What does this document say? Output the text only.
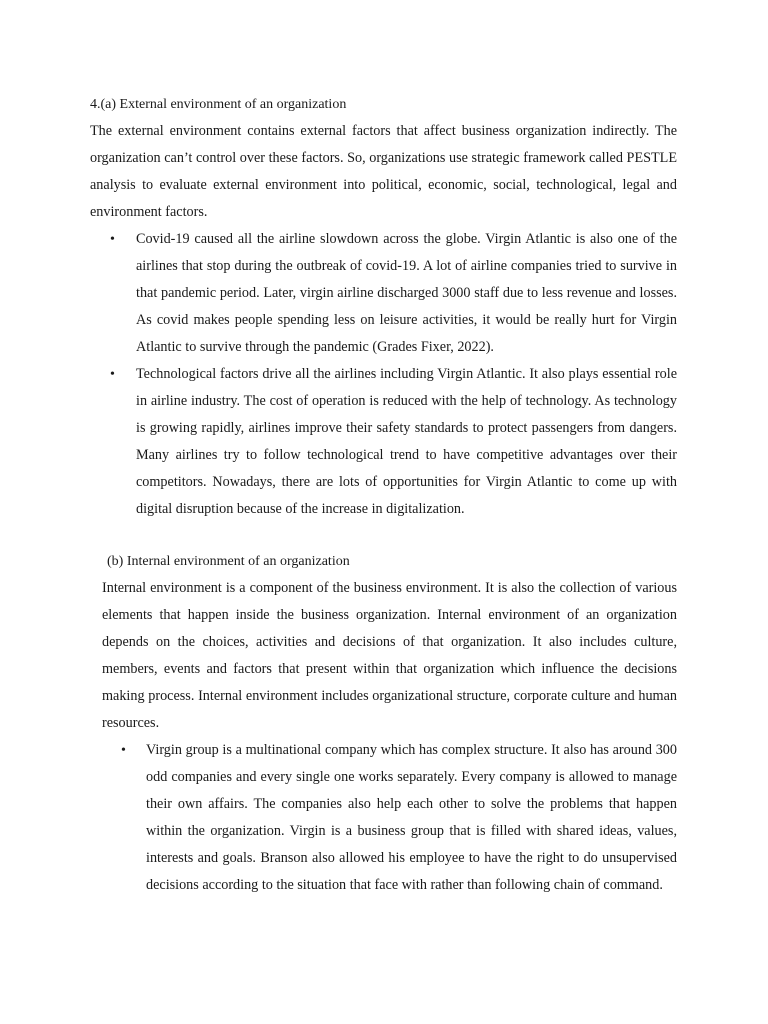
4.(a) External environment of an organization

The external environment contains external factors that affect business organization indirectly. The organization can’t control over these factors. So, organizations use strategic framework called PESTLE analysis to evaluate external environment into political, economic, social, technological, legal and environment factors.

• Covid-19 caused all the airline slowdown across the globe. Virgin Atlantic is also one of the airlines that stop during the outbreak of covid-19. A lot of airline companies tried to survive in that pandemic period. Later, virgin airline discharged 3000 staff due to less revenue and losses. As covid makes people spending less on leisure activities, it would be really hurt for Virgin Atlantic to survive through the pandemic (Grades Fixer, 2022).
• Technological factors drive all the airlines including Virgin Atlantic. It also plays essential role in airline industry. The cost of operation is reduced with the help of technology. As technology is growing rapidly, airlines improve their safety standards to protect passengers from dangers. Many airlines try to follow technological trend to have competitive advantages over their competitors. Nowadays, there are lots of opportunities for Virgin Atlantic to come up with digital disruption because of the increase in digitalization.

(b) Internal environment of an organization

Internal environment is a component of the business environment. It is also the collection of various elements that happen inside the business organization. Internal environment of an organization depends on the choices, activities and decisions of that organization. It also includes culture, members, events and factors that present within that organization which influence the decisions making process. Internal environment includes organizational structure, corporate culture and human resources.

• Virgin group is a multinational company which has complex structure. It also has around 300 odd companies and every single one works separately. Every company is allowed to manage their own affairs. The companies also help each other to solve the problems that happen within the organization. Virgin is a business group that is filled with shared ideas, values, interests and goals. Branson also allowed his employee to have the right to do unsupervised decisions according to the situation that face with rather than following chain of command.
